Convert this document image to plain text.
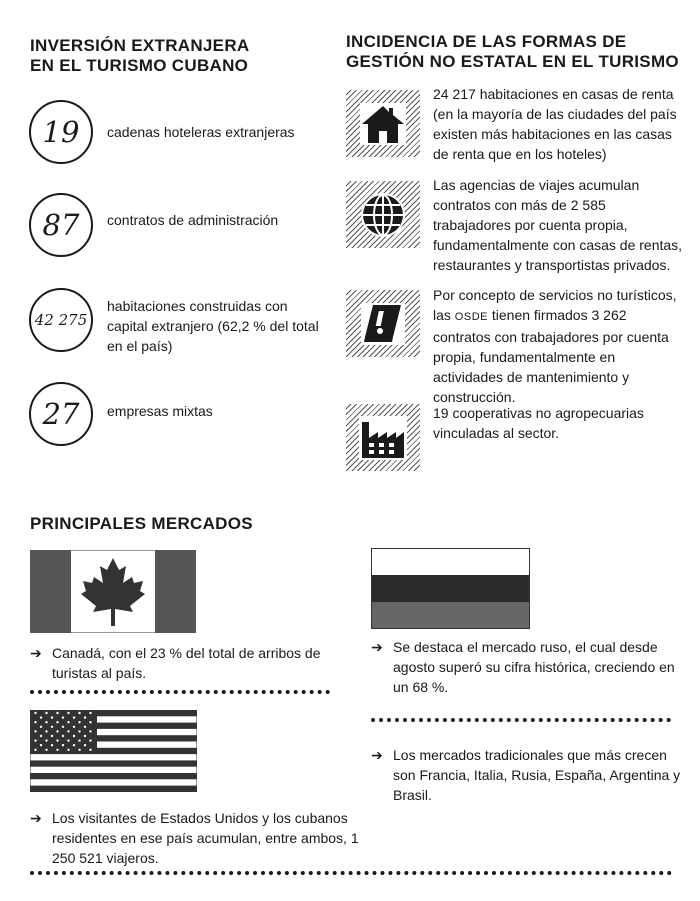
INVERSIÓN EXTRANJERA
EN EL TURISMO CUBANO
19 cadenas hoteleras extranjeras
87 contratos de administración
42 275
habitaciones construidas con capital extranjero (62,2 % del total en el país)
27 empresas mixtas
INCIDENCIA DE LAS FORMAS DE
GESTIÓN NO ESTATAL EN EL TURISMO
24 217 habitaciones en casas de renta (en la mayoría de las ciudades del país existen más habitaciones en las casas de renta que en los hoteles)
Las agencias de viajes acumulan contratos con más de 2 585 trabajadores por cuenta propia, fundamentalmente con casas de rentas, restaurantes y transportistas privados.
Por concepto de servicios no turísticos, las OSDE tienen firmados 3 262 contratos con trabajadores por cuenta propia, fundamentalmente en actividades de mantenimiento y construcción.
19 cooperativas no agropecuarias vinculadas al sector.
PRINCIPALES MERCADOS
➔ Canadá, con el 23 % del total de arribos de turistas al país.
➔ Los visitantes de Estados Unidos y los cubanos residentes en ese país acumulan, entre ambos, 1 250 521 viajeros.
➔ Se destaca el mercado ruso, el cual desde agosto superó su cifra histórica, creciendo en un 68 %.
➔ Los mercados tradicionales que más crecen son Francia, Italia, Rusia, España, Argentina y Brasil.
